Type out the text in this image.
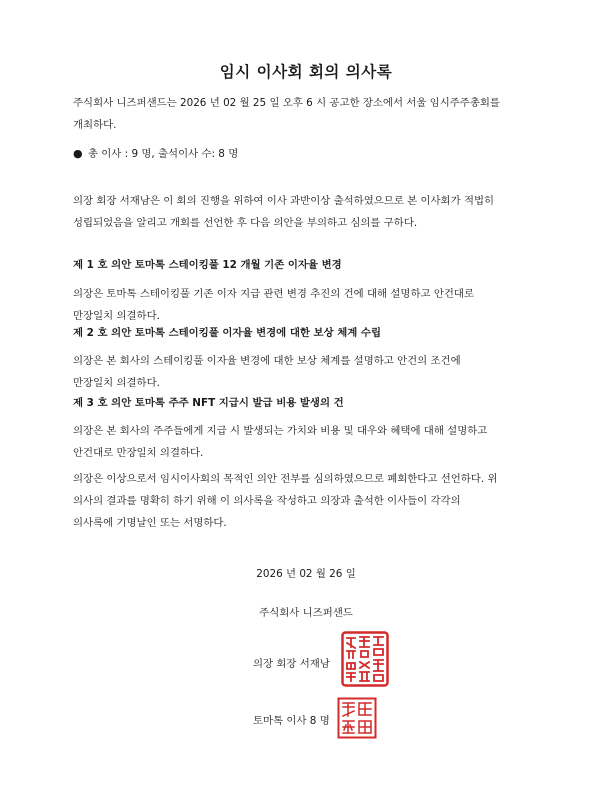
임시 이사회 회의 의사록
주식회사 니즈퍼샌드는 2026 년 02 월 25 일 오후 6 시 공고한 장소에서 서울 임시주주총회를
개최하다.
● 총 이사 : 9 명, 출석이사 수: 8 명
의장 회장 서재남은 이 회의 진행을 위하여 이사 과반이상 출석하였으므로 본 이사회가 적법히
성립되었음을 알리고 개회를 선언한 후 다음 의안을 부의하고 심의를 구하다.
제 1 호 의안 토마톡 스테이킹풀 12 개월 기존 이자율 변경
의장은 토마톡 스테이킹풀 기존 이자 지급 관련 변경 추진의 건에 대해 설명하고 안건대로
만장일치 의결하다.
제 2 호 의안 토마톡 스테이킹풀 이자율 변경에 대한 보상 체계 수립
의장은 본 회사의 스테이킹풀 이자율 변경에 대한 보상 체계를 설명하고 안건의 조건에
만장일치 의결하다.
제 3 호 의안 토마톡 주주 NFT 지급시 발급 비용 발생의 건
의장은 본 회사의 주주들에게 지급 시 발생되는 가치와 비용 및 대우와 혜택에 대해 설명하고
안건대로 만장일치 의결하다.
의장은 이상으로서 임시이사회의 목적인 의안 전부를 심의하였으므로 폐회한다고 선언하다. 위
의사의 결과를 명확히 하기 위해 이 의사록을 작성하고 의장과 출석한 이사들이 각각의
의사록에 기명날인 또는 서명하다.
2026 년 02 월 26 일
주식회사 니즈퍼샌드
의장 회장 서재남
토마톡 이사 8 명
